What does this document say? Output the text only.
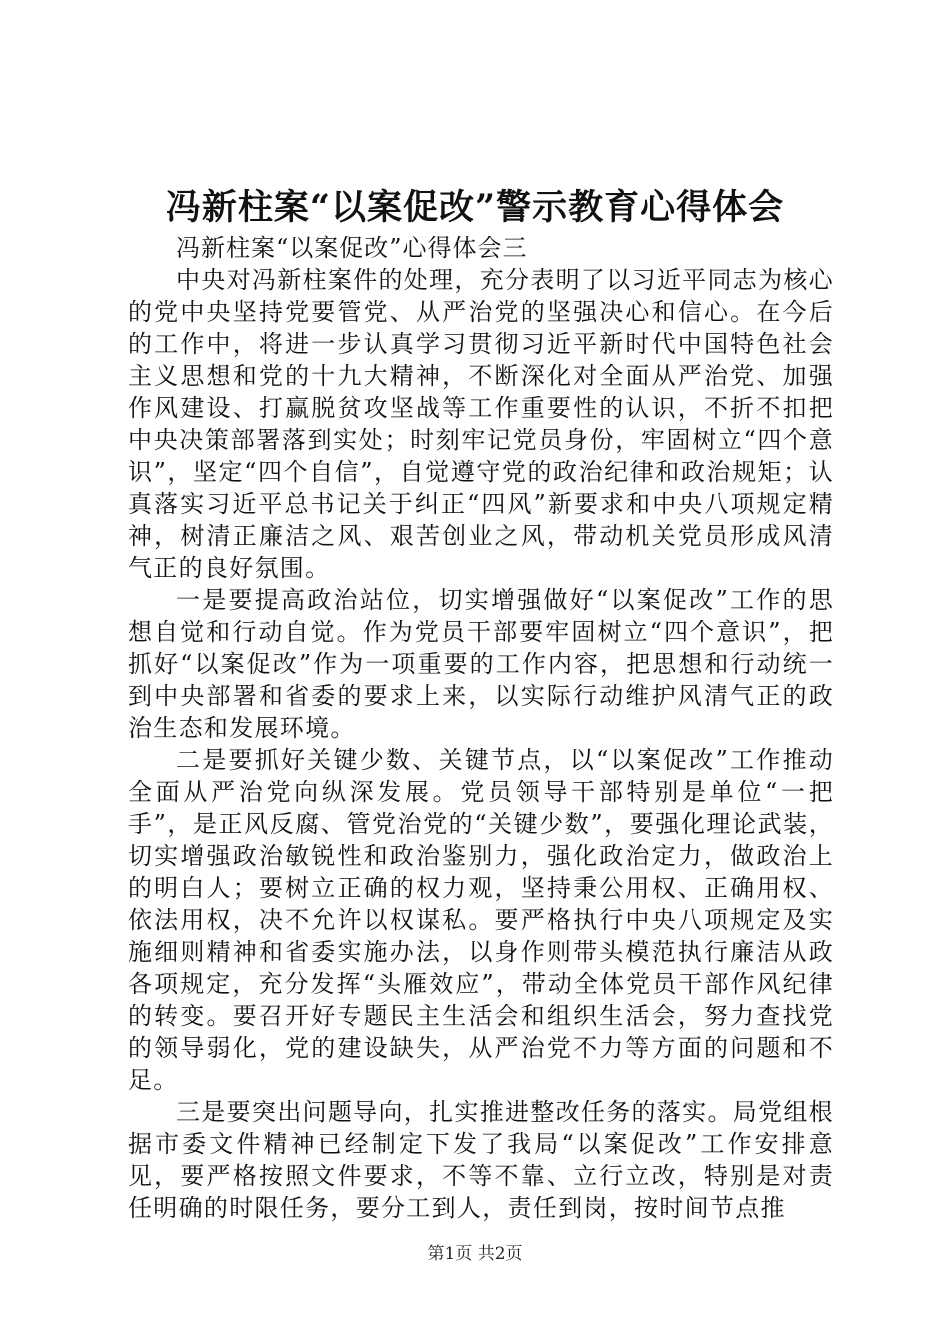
冯新柱案“以案促改”警示教育心得体会

冯新柱案“以案促改”心得体会三

中央对冯新柱案件的处理，充分表明了以习近平同志为核心的党中央坚持党要管党、从严治党的坚强决心和信心。在今后的工作中，将进一步认真学习贯彻习近平新时代中国特色社会主义思想和党的十九大精神，不断深化对全面从严治党、加强作风建设、打赢脱贫攻坚战等工作重要性的认识，不折不扣把中央决策部署落到实处；时刻牢记党员身份，牢固树立“四个意识”，坚定“四个自信”，自觉遵守党的政治纪律和政治规矩；认真落实习近平总书记关于纠正“四风”新要求和中央八项规定精神，树清正廉洁之风、艰苦创业之风，带动机关党员形成风清气正的良好氛围。

一是要提高政治站位，切实增强做好“以案促改”工作的思想自觉和行动自觉。作为党员干部要牢固树立“四个意识”，把抓好“以案促改”作为一项重要的工作内容，把思想和行动统一到中央部署和省委的要求上来，以实际行动维护风清气正的政治生态和发展环境。

二是要抓好关键少数、关键节点，以“以案促改”工作推动全面从严治党向纵深发展。党员领导干部特别是单位“一把手”，是正风反腐、管党治党的“关键少数”，要强化理论武装，切实增强政治敏锐性和政治鉴别力，强化政治定力，做政治上的明白人；要树立正确的权力观，坚持秉公用权、正确用权、依法用权，决不允许以权谋私。要严格执行中央八项规定及实施细则精神和省委实施办法，以身作则带头模范执行廉洁从政各项规定，充分发挥“头雁效应”，带动全体党员干部作风纪律的转变。要召开好专题民主生活会和组织生活会，努力查找党的领导弱化，党的建设缺失，从严治党不力等方面的问题和不足。

三是要突出问题导向，扎实推进整改任务的落实。局党组根据市委文件精神已经制定下发了我局“以案促改”工作安排意见，要严格按照文件要求，不等不靠、立行立改，特别是对责任明确的时限任务，要分工到人，责任到岗，按时间节点推

第1页 共2页
